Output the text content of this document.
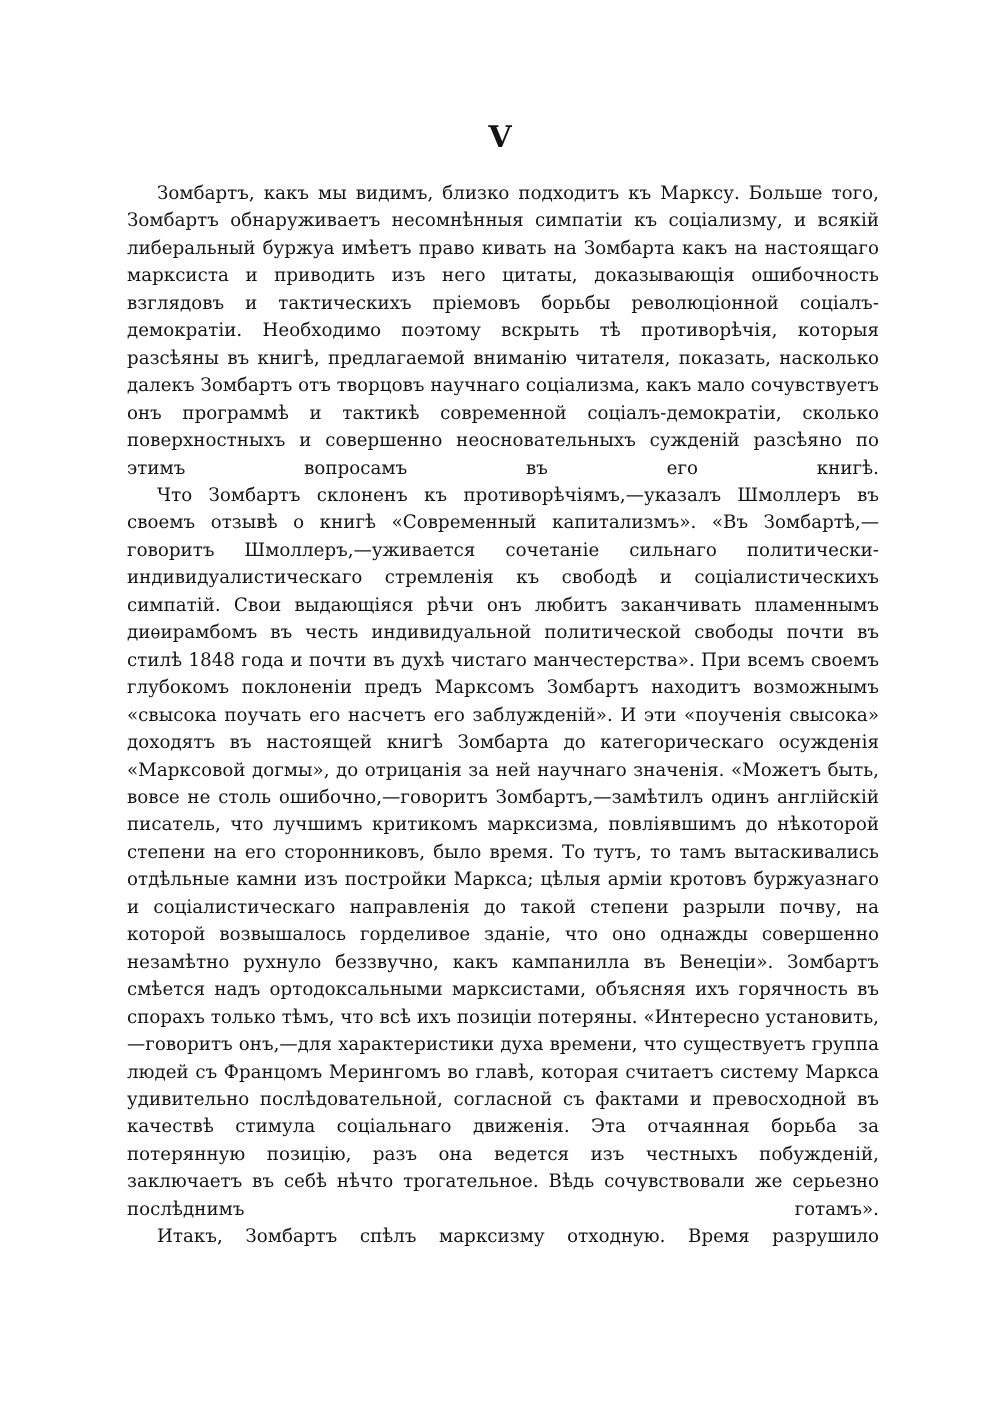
V

Зомбартъ, какъ мы видимъ, близко подходитъ къ Марксу. Больше того, Зомбартъ обнаруживаетъ несомнѣнныя симпатіи къ соціализму, и всякій либеральный буржуа имѣетъ право кивать на Зомбарта какъ на настоящаго марксиста и приводить изъ него цитаты, доказывающія ошибочность взглядовъ и тактическихъ пріемовъ борьбы революціонной соціалъ-демократіи. Необходимо поэтому вскрыть тѣ противорѣчія, которыя разсѣяны въ книгѣ, предлагаемой вниманію читателя, показать, насколько далекъ Зомбартъ отъ творцовъ научнаго соціализма, какъ мало сочувствуетъ онъ программѣ и тактикѣ современной соціалъ-демократіи, сколько поверхностныхъ и совершенно неосновательныхъ сужденій разсѣяно по этимъ вопросамъ въ его книгѣ.

Что Зомбартъ склоненъ къ противорѣчіямъ,—указалъ Шмоллеръ въ своемъ отзывѣ о книгѣ «Современный капитализмъ». «Въ Зомбартѣ,—говоритъ Шмоллеръ,—уживается сочетаніе сильнаго политически-индивидуалистическаго стремленія къ свободѣ и соціалистическихъ симпатій. Свои выдающіяся рѣчи онъ любитъ заканчивать пламеннымъ диѳирамбомъ въ честь индивидуальной политической свободы почти въ стилѣ 1848 года и почти въ духѣ чистаго манчестерства». При всемъ своемъ глубокомъ поклоненіи предъ Марксомъ Зомбартъ находитъ возможнымъ «свысока поучать его насчетъ его заблужденій». И эти «поученія свысока» доходятъ въ настоящей книгѣ Зомбарта до категорическаго осужденія «Марксовой догмы», до отрицанія за ней научнаго значенія. «Можетъ быть, вовсе не столь ошибочно,—говоритъ Зомбартъ,—замѣтилъ одинъ англійскій писатель, что лучшимъ критикомъ марксизма, повліявшимъ до нѣкоторой степени на его сторонниковъ, было время. То тутъ, то тамъ вытаскивались отдѣльные камни изъ постройки Маркса; цѣлыя арміи кротовъ буржуазнаго и соціалистическаго направленія до такой степени разрыли почву, на которой возвышалось горделивое зданіе, что оно однажды совершенно незамѣтно рухнуло беззвучно, какъ кампанилла въ Венеціи». Зомбартъ смѣется надъ ортодоксальными марксистами, объясняя ихъ горячность въ спорахъ только тѣмъ, что всѣ ихъ позиціи потеряны. «Интересно установить,—говоритъ онъ,—для характеристики духа времени, что существуетъ группа людей съ Францомъ Мерингомъ во главѣ, которая считаетъ систему Маркса удивительно послѣдовательной, согласной съ фактами и превосходной въ качествѣ стимула соціальнаго движенія. Эта отчаянная борьба за потерянную позицію, разъ она ведется изъ честныхъ побужденій, заключаетъ въ себѣ нѣчто трогательное. Вѣдь сочувствовали же серьезно послѣднимъ готамъ».

Итакъ, Зомбартъ спѣлъ марксизму отходную. Время разрушило
